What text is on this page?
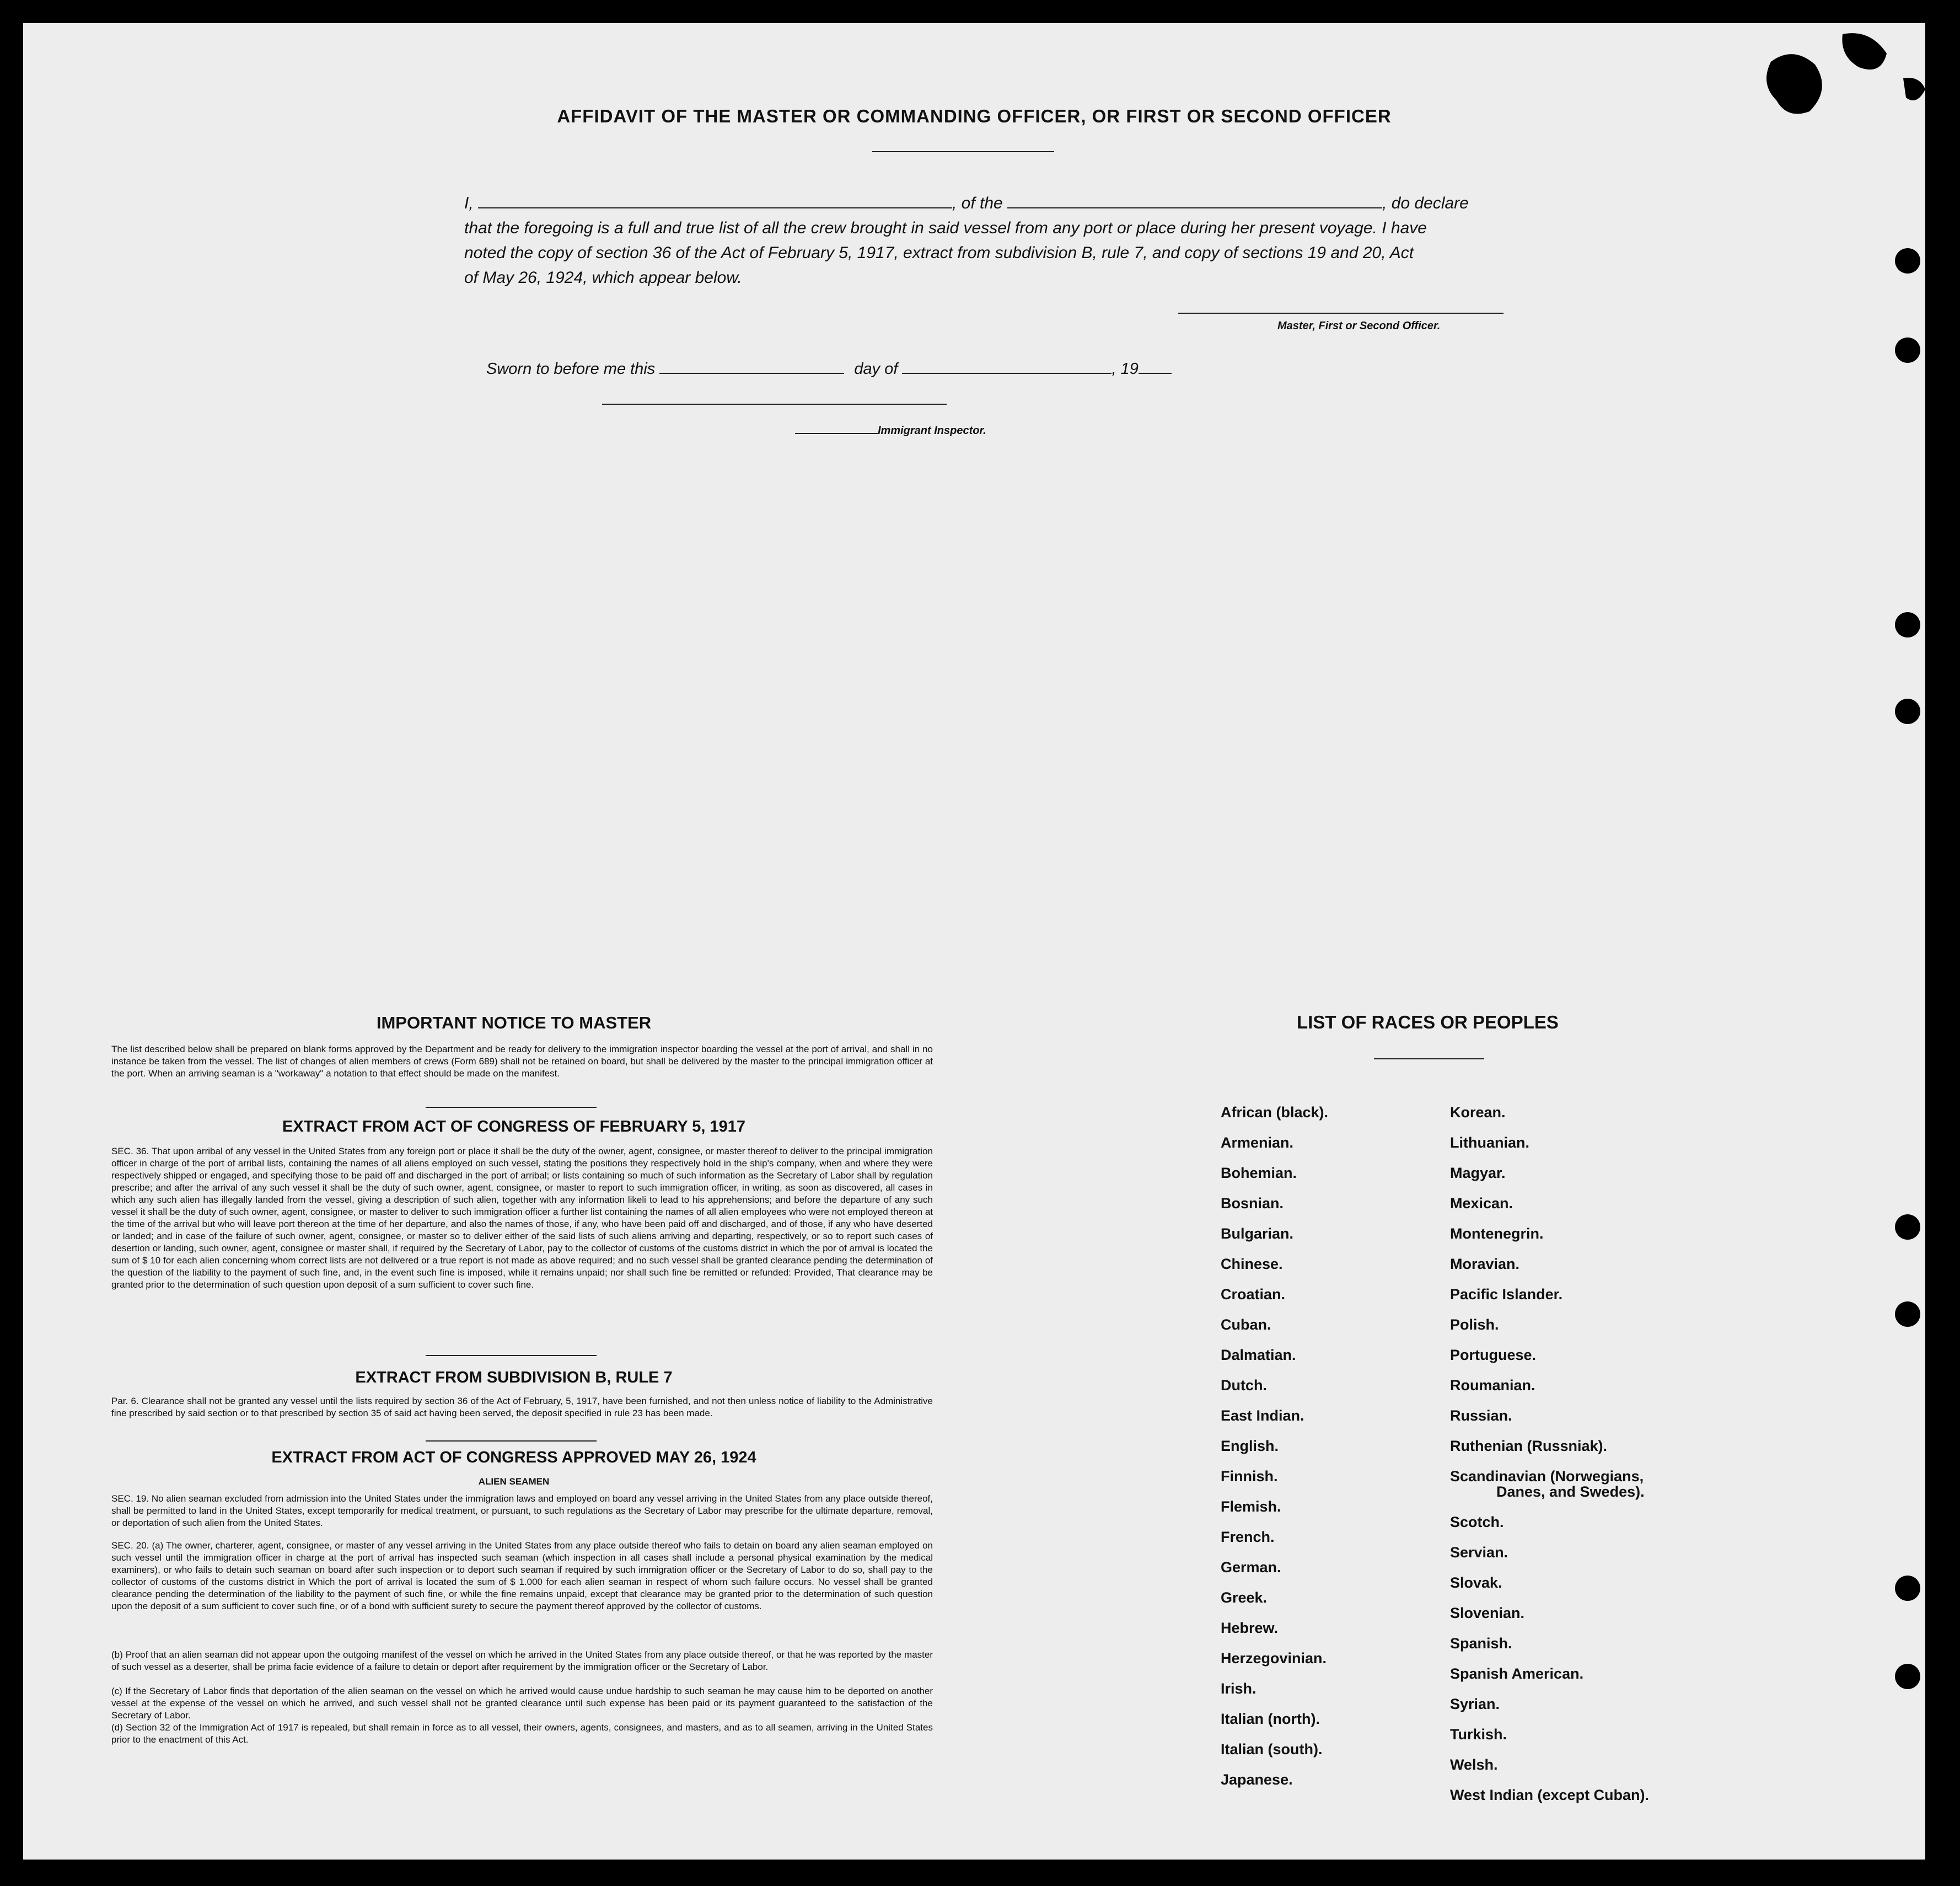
AFFIDAVIT OF THE MASTER OR COMMANDING OFFICER, OR FIRST OR SECOND OFFICER
I,	, of the	, do declare
that the foregoing is a full and true list of all the crew brought in said vessel from any port or place during her present voyage. I have
noted the copy of section 36 of the Act of February 5, 1917, extract from subdivision B, rule 7, and copy of sections 19 and 20, Act
of May 26, 1924, which appear below.
Master, First or Second Officer.
Sworn to before me this	day of	, 19
Immigrant Inspector.
IMPORTANT NOTICE TO MASTER
The list described below shall be prepared on blank forms approved by the Department and be ready for delivery to the immigration inspector boarding the vessel at the port of arrival, and shall in no instance be taken from the vessel. The list of changes of alien members of crews (Form 689) shall not be retained on board, but shall be delivered by the master to the principal immigration officer at the port. When an arriving seaman is a "workaway" a notation to that effect should be made on the manifest.
EXTRACT FROM ACT OF CONGRESS OF FEBRUARY 5, 1917
SEC. 36. That upon arribal of any vessel in the United States from any foreign port or place it shall be the duty of the owner, agent, consignee, or master thereof to deliver to the principal immigration officer in charge of the port of arribal lists, containing the names of all aliens employed on such vessel, stating the positions they respectively hold in the ship's company, when and where they were respectively shipped or engaged, and specifying those to be paid off and discharged in the port of arribal; or lists containing so much of such information as the Secretary of Labor shall by regulation prescribe; and after the arrival of any such vessel it shall be the duty of such owner, agent, consignee, or master to report to such immigration officer, in writing, as soon as discovered, all cases in which any such alien has illegally landed from the vessel, giving a description of such alien, together with any information likeli to lead to his apprehensions; and before the departure of any such vessel it shall be the duty of such owner, agent, consignee, or master to deliver to such immigration officer a further list containing the names of all alien employees who were not employed thereon at the time of the arrival but who will leave port thereon at the time of her departure, and also the names of those, if any, who have been paid off and discharged, and of those, if any who have deserted or landed; and in case of the failure of such owner, agent, consignee, or master so to deliver either of the said lists of such aliens arriving and departing, respectively, or so to report such cases of desertion or landing, such owner, agent, consignee or master shall, if required by the Secretary of Labor, pay to the collector of customs of the customs district in which the por of arrival is located the sum of $ 10 for each alien concerning whom correct lists are not delivered or a true report is not made as above required; and no such vessel shall be granted clearance pending the determination of the question of the liability to the payment of such fine, and, in the event such fine is imposed, while it remains unpaid; nor shall such fine be remitted or refunded: Provided, That clearance may be granted prior to the determination of such question upon deposit of a sum sufficient to cover such fine.
EXTRACT FROM SUBDIVISION B, RULE 7
Par. 6. Clearance shall not be granted any vessel until the lists required by section 36 of the Act of February, 5, 1917, have been furnished, and not then unless notice of liability to the Administrative fine prescribed by said section or to that prescribed by section 35 of said act having been served, the deposit specified in rule 23 has been made.
EXTRACT FROM ACT OF CONGRESS APPROVED MAY 26, 1924
ALIEN SEAMEN
SEC. 19. No alien seaman excluded from admission into the United States under the immigration laws and employed on board any vessel arriving in the United States from any place outside thereof, shall be permitted to land in the United States, except temporarily for medical treatment, or pursuant, to such regulations as the Secretary of Labor may prescribe for the ultimate departure, removal, or deportation of such alien from the United States.
SEC. 20. (a) The owner, charterer, agent, consignee, or master of any vessel arriving in the United States from any place outside thereof who fails to detain on board any alien seaman employed on such vessel until the immigration officer in charge at the port of arrival has inspected such seaman (which inspection in all cases shall include a personal physical examination by the medical examiners), or who fails to detain such seaman on board after such inspection or to deport such seaman if required by such immigration officer or the Secretary of Labor to do so, shall pay to the collector of customs of the customs district in Which the port of arrival is located the sum of $ 1.000 for each alien seaman in respect of whom such failure occurs. No vessel shall be granted clearance pending the determination of the liability to the payment of such fine, or while the fine remains unpaid, except that clearance may be granted prior to the determination of such question upon the deposit of a sum sufficient to cover such fine, or of a bond with sufficient surety to secure the payment thereof approved by the collector of customs.
(b) Proof that an alien seaman did not appear upon the outgoing manifest of the vessel on which he arrived in the United States from any place outside thereof, or that he was reported by the master of such vessel as a deserter, shall be prima facie evidence of a failure to detain or deport after requirement by the immigration officer or the Secretary of Labor.
(c) If the Secretary of Labor finds that deportation of the alien seaman on the vessel on which he arrived would cause undue hardship to such seaman he may cause him to be deported on another vessel at the expense of the vessel on which he arrived, and such vessel shall not be granted clearance until such expense has been paid or its payment guaranteed to the satisfaction of the Secretary of Labor.
(d) Section 32 of the Immigration Act of 1917 is repealed, but shall remain in force as to all vessel, their owners, agents, consignees, and masters, and as to all seamen, arriving in the United States prior to the enactment of this Act.
LIST OF RACES OR PEOPLES
African (black).
Armenian.
Bohemian.
Bosnian.
Bulgarian.
Chinese.
Croatian.
Cuban.
Dalmatian.
Dutch.
East Indian.
English.
Finnish.
Flemish.
French.
German.
Greek.
Hebrew.
Herzegovinian.
Irish.
Italian (north).
Italian (south).
Japanese.
Korean.
Lithuanian.
Magyar.
Mexican.
Montenegrin.
Moravian.
Pacific Islander.
Polish.
Portuguese.
Roumanian.
Russian.
Ruthenian (Russniak).
Scandinavian (Norwegians,
Danes, and Swedes).
Scotch.
Servian.
Slovak.
Slovenian.
Spanish.
Spanish American.
Syrian.
Turkish.
Welsh.
West Indian (except Cuban).
